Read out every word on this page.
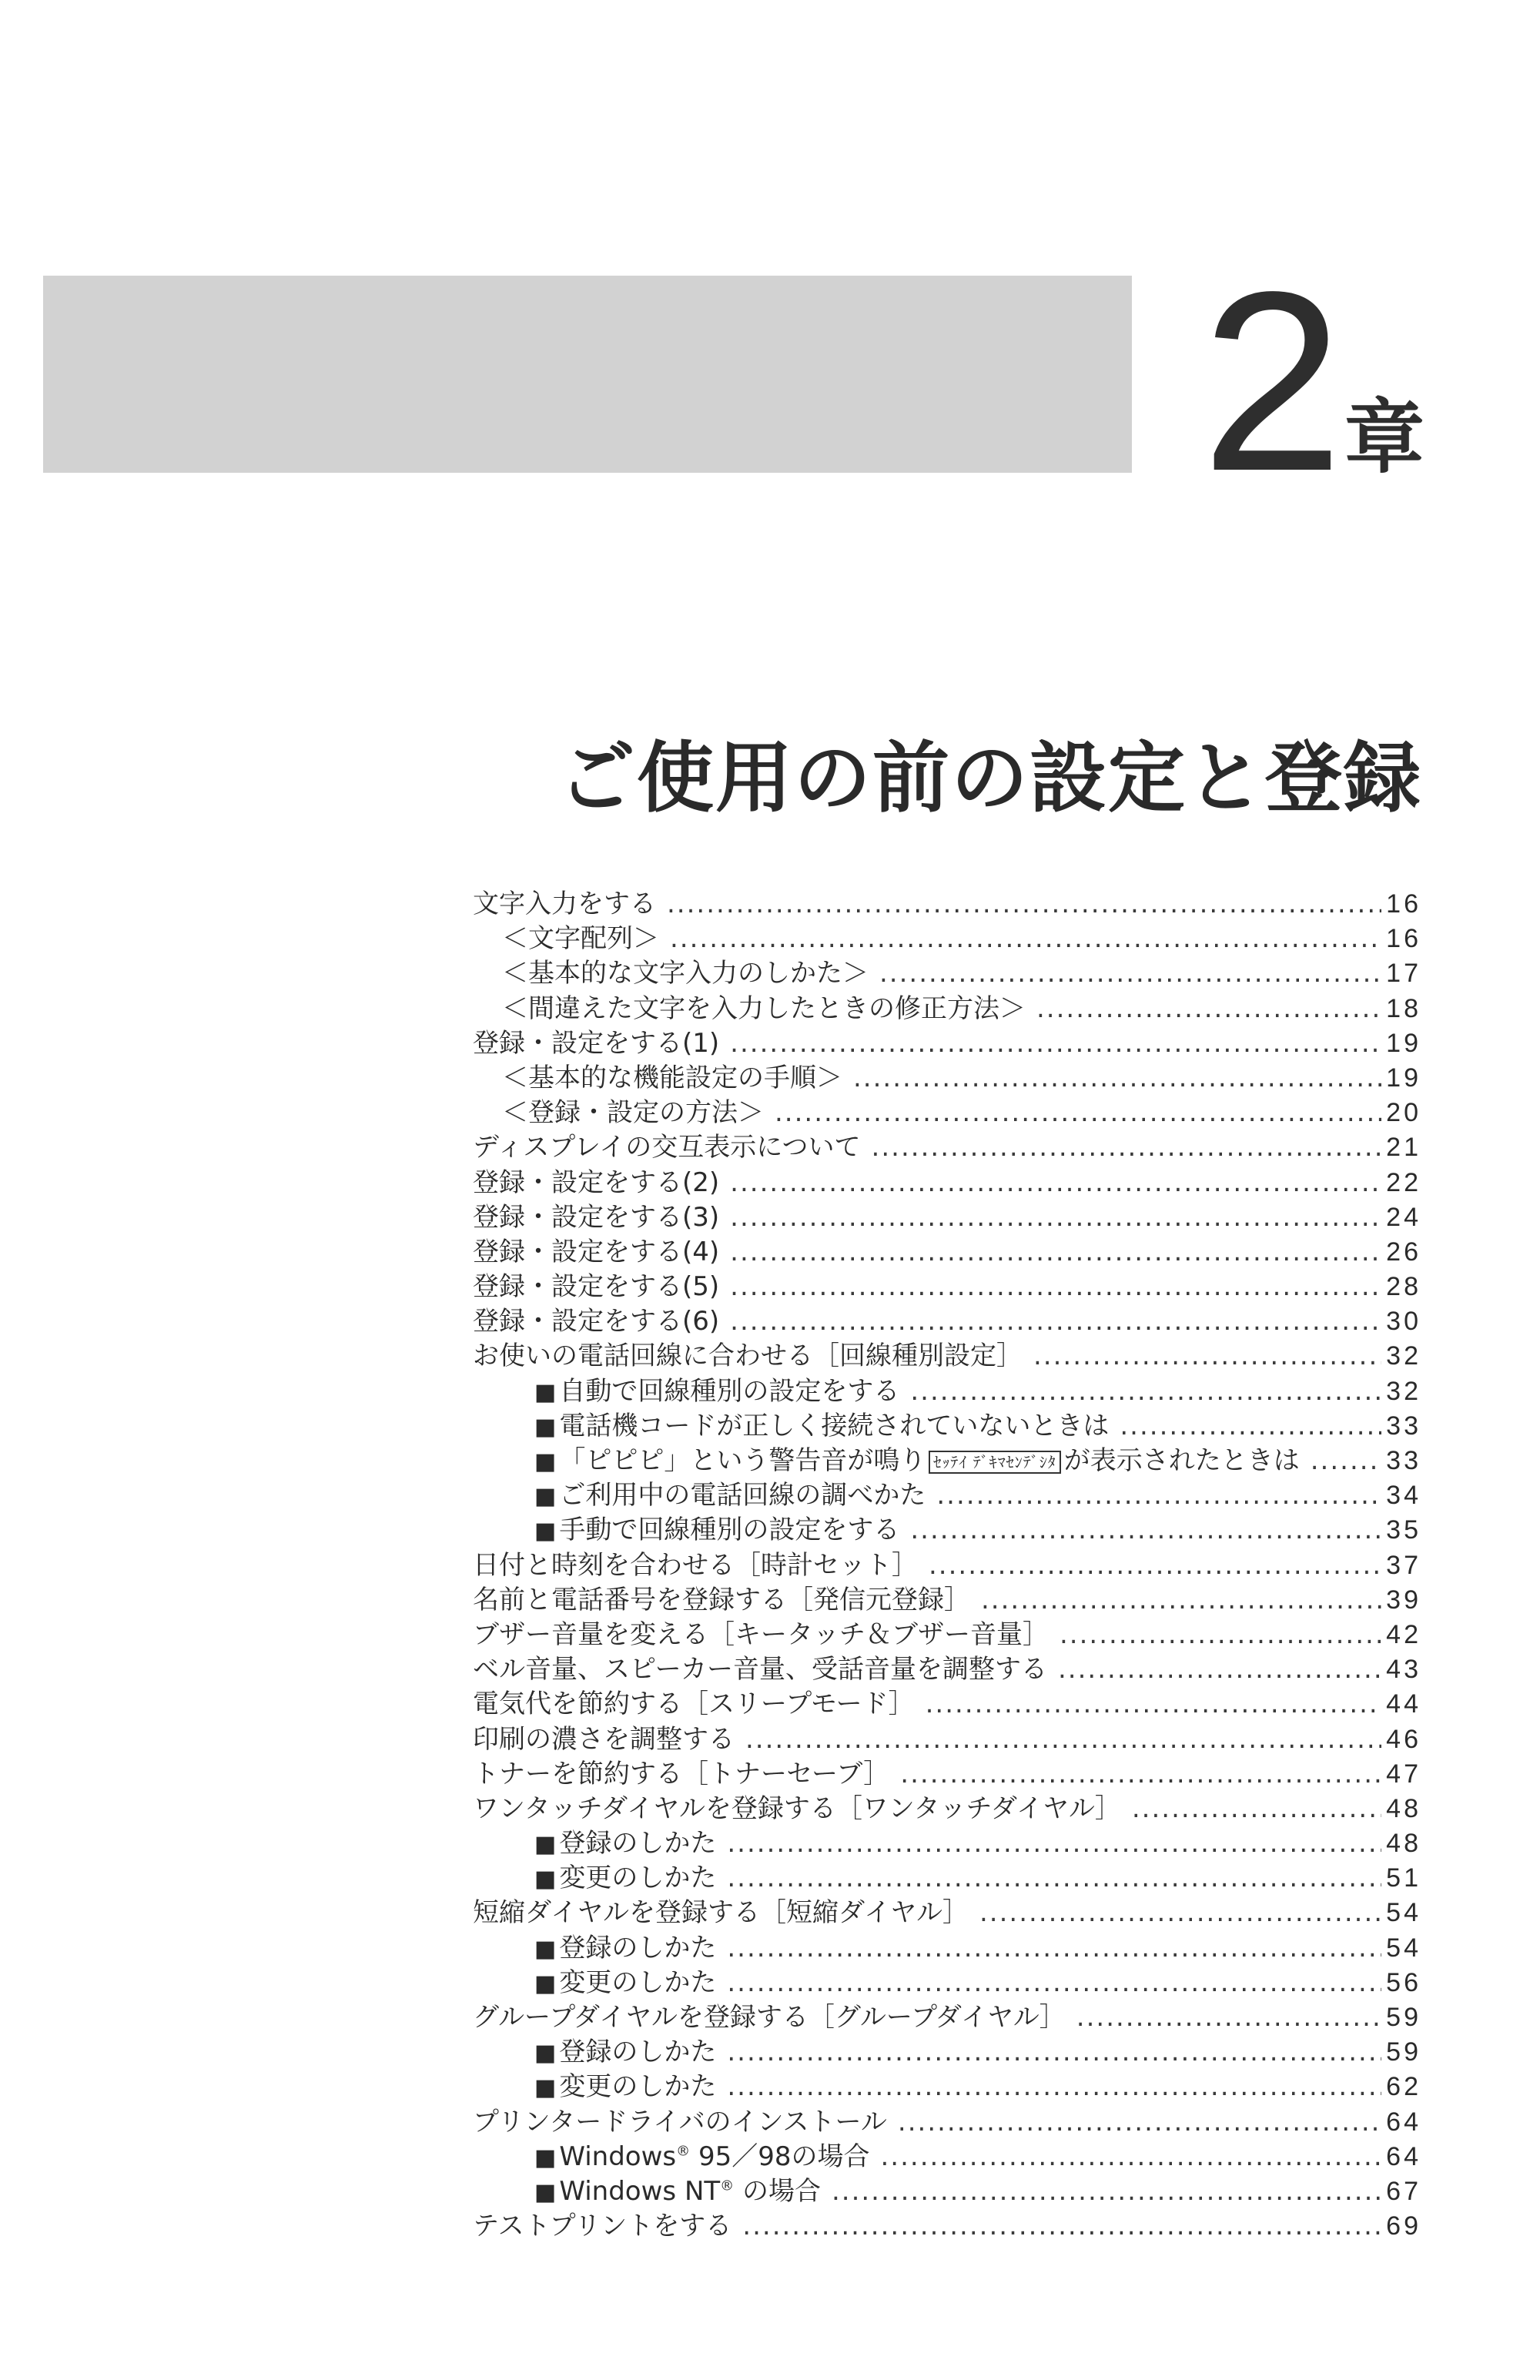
2 章
ご使用の前の設定と登録
文字入力をする .....	16
＜文字配列＞ .....	16
＜基本的な文字入力のしかた＞ .....	17
＜間違えた文字を入力したときの修正方法＞ .....	18
登録・設定をする(1) .....	19
＜基本的な機能設定の手順＞ .....	19
＜登録・設定の方法＞ .....	20
ディスプレイの交互表示について .....	21
登録・設定をする(2) .....	22
登録・設定をする(3) .....	24
登録・設定をする(4) .....	26
登録・設定をする(5) .....	28
登録・設定をする(6) .....	30
お使いの電話回線に合わせる［回線種別設定］ .....	32
■ 自動で回線種別の設定をする .....	32
■ 電話機コードが正しく接続されていないときは .....	33
■ 「ピピピ」という警告音が鳴り ｾｯﾃｲ ﾃﾞｷﾏｾﾝﾃﾞｼﾀ が表示されたときは .....	33
■ ご利用中の電話回線の調べかた .....	34
■ 手動で回線種別の設定をする .....	35
日付と時刻を合わせる［時計セット］ .....	37
名前と電話番号を登録する［発信元登録］ .....	39
ブザー音量を変える［キータッチ＆ブザー音量］ .....	42
ベル音量、スピーカー音量、受話音量を調整する .....	43
電気代を節約する［スリープモード］ .....	44
印刷の濃さを調整する .....	46
トナーを節約する［トナーセーブ］ .....	47
ワンタッチダイヤルを登録する［ワンタッチダイヤル］ .....	48
■ 登録のしかた .....	48
■ 変更のしかた .....	51
短縮ダイヤルを登録する［短縮ダイヤル］ .....	54
■ 登録のしかた .....	54
■ 変更のしかた .....	56
グループダイヤルを登録する［グループダイヤル］ .....	59
■ 登録のしかた .....	59
■ 変更のしかた .....	62
プリンタードライバのインストール .....	64
■ Windows® 95／98の場合 .....	64
■ Windows NT® の場合 .....	67
テストプリントをする .....	69
